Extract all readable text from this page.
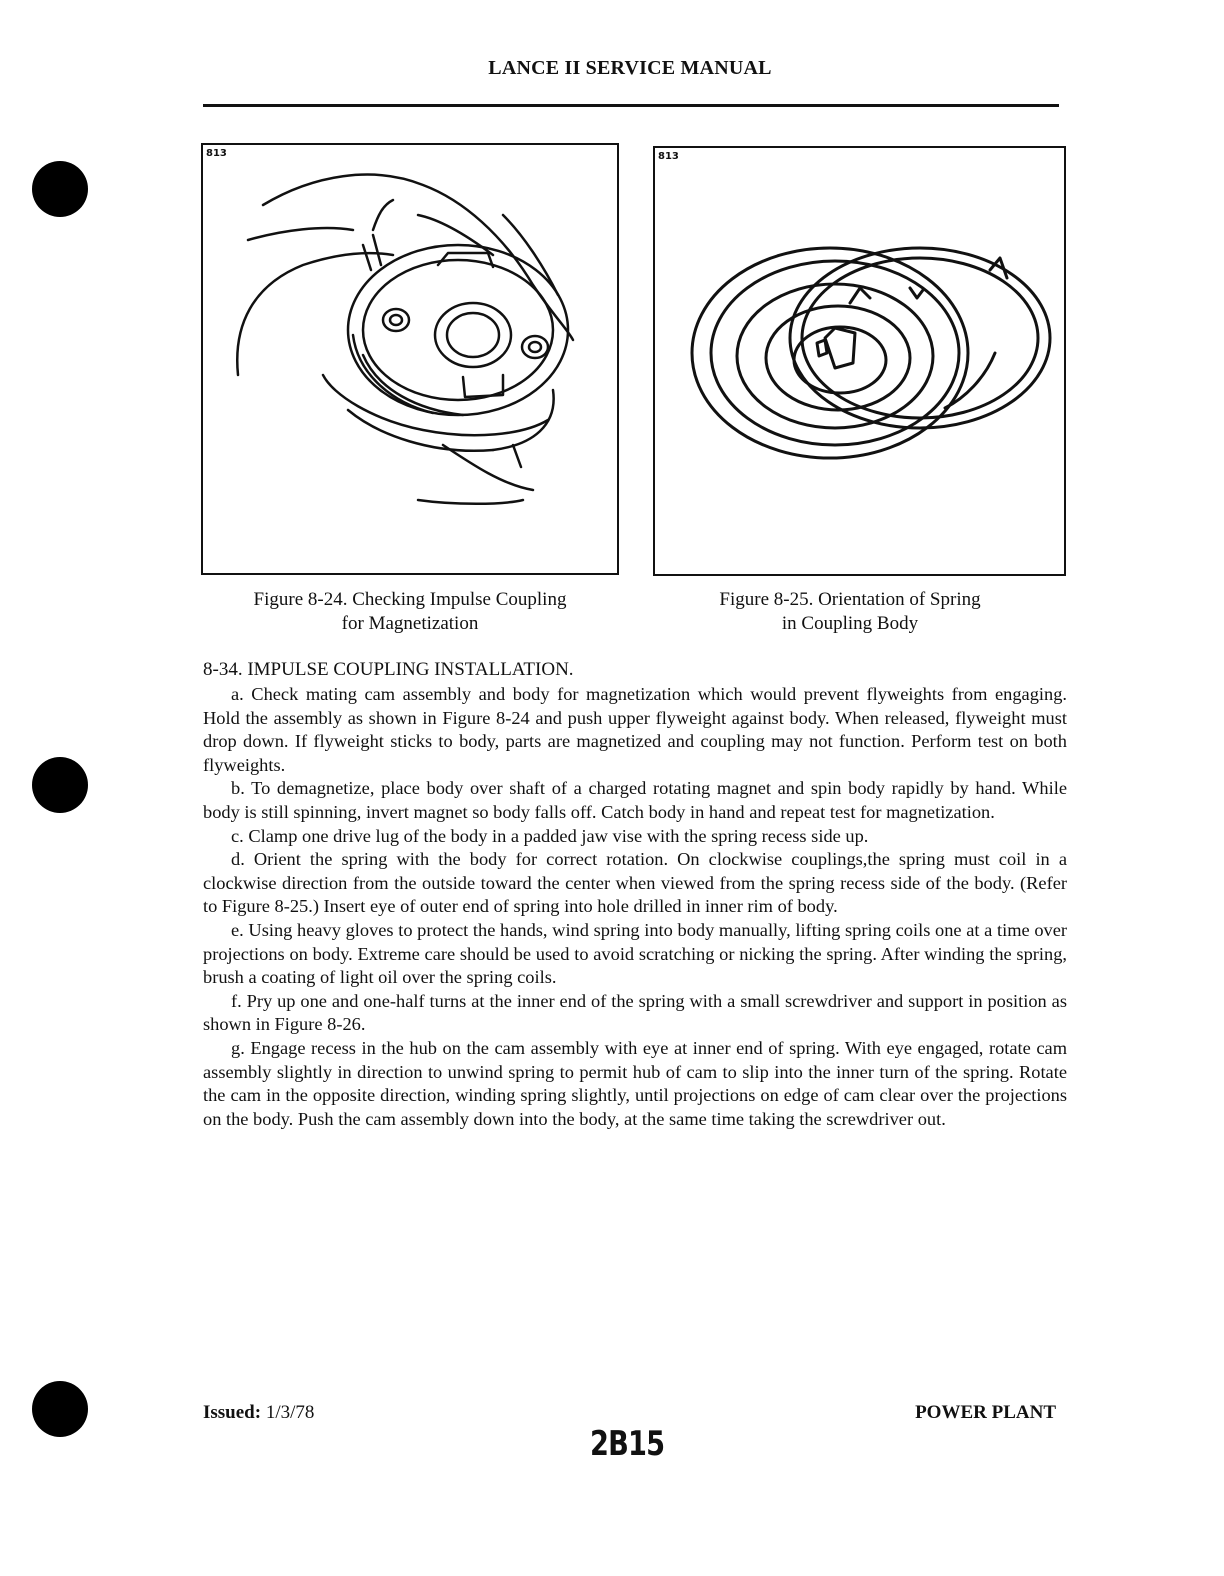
LANCE II SERVICE MANUAL
813	813
Figure 8-24. Checking Impulse Coupling
for Magnetization
Figure 8-25. Orientation of Spring
in Coupling Body
8-34. IMPULSE COUPLING INSTALLATION.

a. Check mating cam assembly and body for magnetization which would prevent flyweights from engaging. Hold the assembly as shown in Figure 8-24 and push upper flyweight against body. When released, flyweight must drop down. If flyweight sticks to body, parts are magnetized and coupling may not function. Perform test on both flyweights.

b. To demagnetize, place body over shaft of a charged rotating magnet and spin body rapidly by hand. While body is still spinning, invert magnet so body falls off. Catch body in hand and repeat test for magnetization.

c. Clamp one drive lug of the body in a padded jaw vise with the spring recess side up.

d. Orient the spring with the body for correct rotation. On clockwise couplings,the spring must coil in a clockwise direction from the outside toward the center when viewed from the spring recess side of the body. (Refer to Figure 8-25.) Insert eye of outer end of spring into hole drilled in inner rim of body.

e. Using heavy gloves to protect the hands, wind spring into body manually, lifting spring coils one at a time over projections on body. Extreme care should be used to avoid scratching or nicking the spring. After winding the spring, brush a coating of light oil over the spring coils.

f. Pry up one and one-half turns at the inner end of the spring with a small screwdriver and support in position as shown in Figure 8-26.

g. Engage recess in the hub on the cam assembly with eye at inner end of spring. With eye engaged, rotate cam assembly slightly in direction to unwind spring to permit hub of cam to slip into the inner turn of the spring. Rotate the cam in the opposite direction, winding spring slightly, until projections on edge of cam clear over the projections on the body. Push the cam assembly down into the body, at the same time taking the screwdriver out.

Issued: 1/3/78	POWER PLANT
2B15
